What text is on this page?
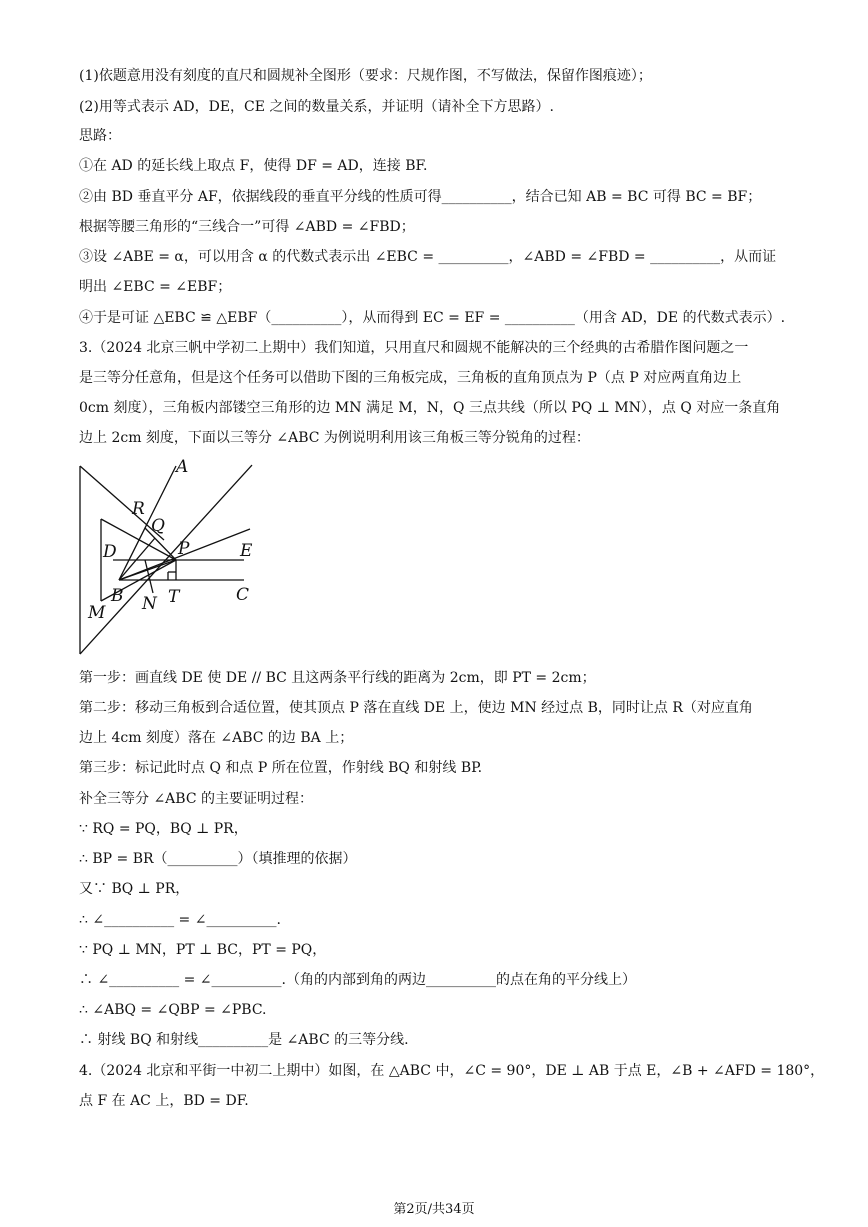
(1)依题意用没有刻度的直尺和圆规补全图形（要求：尺规作图，不写做法，保留作图痕迹）；
(2)用等式表示 AD，DE，CE 之间的数量关系，并证明（请补全下方思路）.
思路：
①在 AD 的延长线上取点 F，使得 DF = AD，连接 BF.
②由 BD 垂直平分 AF，依据线段的垂直平分线的性质可得__________，结合已知 AB = BC 可得 BC = BF；
根据等腰三角形的“三线合一”可得 ∠ABD = ∠FBD；
③设 ∠ABE = α，可以用含 α 的代数式表示出 ∠EBC = __________，∠ABD = ∠FBD = __________，从而证
明出 ∠EBC = ∠EBF；
④于是可证 △EBC ≌ △EBF（__________），从而得到 EC = EF = __________（用含 AD，DE 的代数式表示）.
3.（2024 北京三帆中学初二上期中）我们知道，只用直尺和圆规不能解决的三个经典的古希腊作图问题之一
是三等分任意角，但是这个任务可以借助下图的三角板完成，三角板的直角顶点为 P（点 P 对应两直角边上
0cm 刻度），三角板内部镂空三角形的边 MN 满足 M，N，Q 三点共线（所以 PQ ⊥ MN），点 Q 对应一条直角
边上 2cm 刻度，下面以三等分 ∠ABC 为例说明利用该三角板三等分锐角的过程：
A
R
Q
D	P	E
B N T	C
M
第一步：画直线 DE 使 DE // BC 且这两条平行线的距离为 2cm，即 PT = 2cm；
第二步：移动三角板到合适位置，使其顶点 P 落在直线 DE 上，使边 MN 经过点 B，同时让点 R（对应直角
边上 4cm 刻度）落在 ∠ABC 的边 BA 上；
第三步：标记此时点 Q 和点 P 所在位置，作射线 BQ 和射线 BP.
补全三等分 ∠ABC 的主要证明过程：
∵ RQ = PQ，BQ ⊥ PR，
∴ BP = BR（__________）（填推理的依据）
又∵ BQ ⊥ PR，
∴ ∠__________ = ∠__________.
∵ PQ ⊥ MN，PT ⊥ BC，PT = PQ，
∴ ∠__________ = ∠__________.（角的内部到角的两边__________的点在角的平分线上）
∴ ∠ABQ = ∠QBP = ∠PBC.
∴ 射线 BQ 和射线__________是 ∠ABC 的三等分线.
4.（2024 北京和平街一中初二上期中）如图，在 △ABC 中，∠C = 90°，DE ⊥ AB 于点 E，∠B + ∠AFD = 180°，
点 F 在 AC 上，BD = DF.
第2页/共34页
